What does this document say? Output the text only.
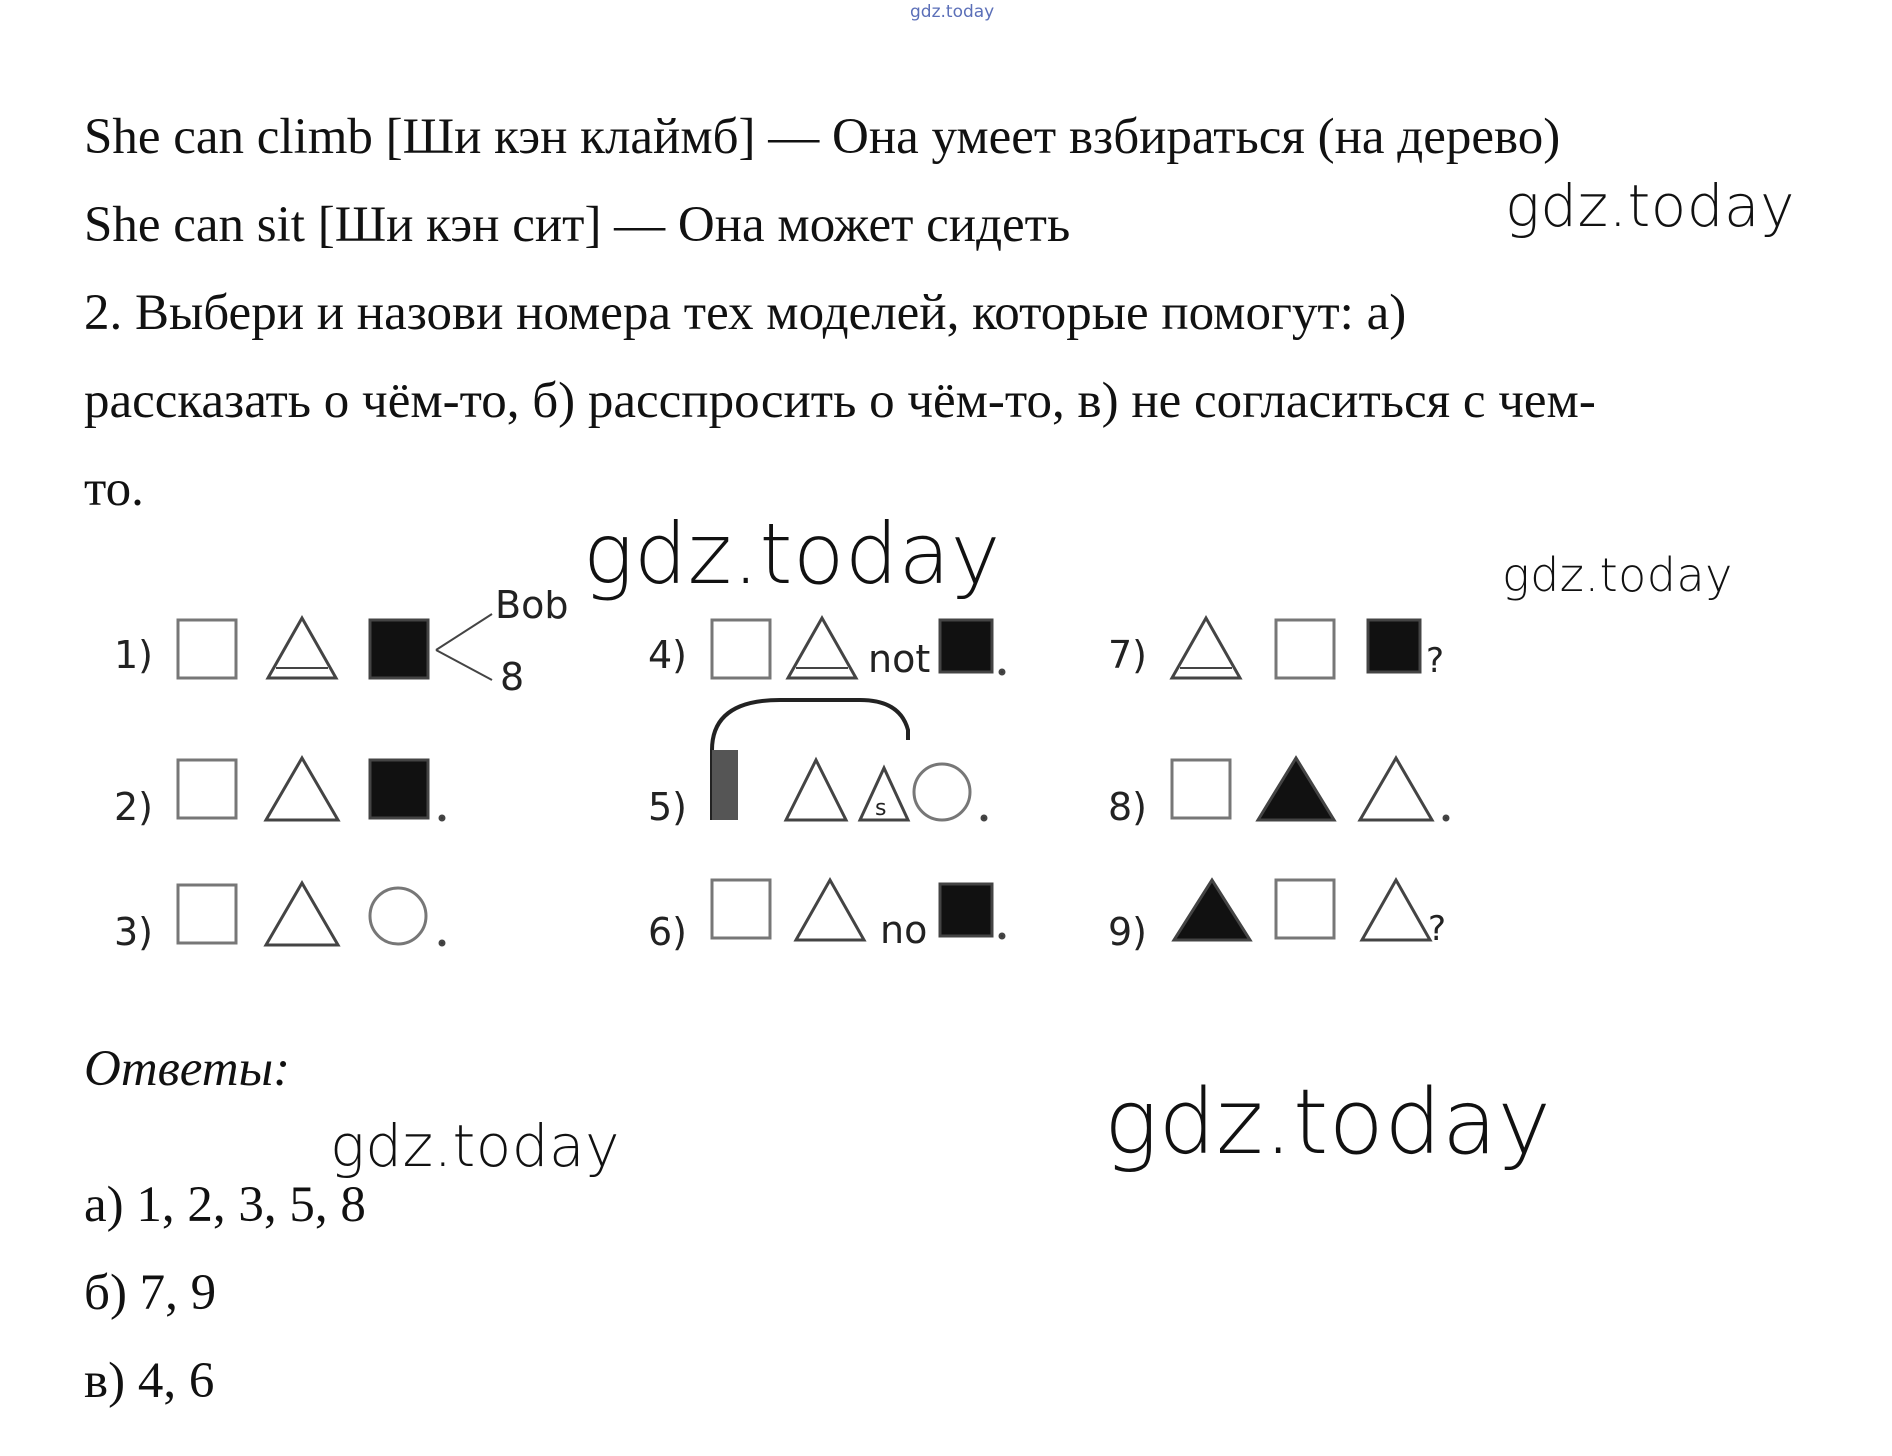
gdz.today
She can climb [Ши кэн клаймб] — Она умеет взбираться (на дерево)
She can sit [Ши кэн сит] — Она может сидеть
2. Выбери и назови номера тех моделей, которые помогут: а)
рассказать о чём-то, б) расспросить о чём-то, в) не согласиться с чем-
то.
gdz.today
gdz.today	gdz.today
gdz.today	gdz.today
1)
Bob
8
2)
3)
4)	not
5)	s
6)	no
7)	?
8)
9)	?
Ответы:
а) 1, 2, 3, 5, 8
б) 7, 9
в) 4, 6
